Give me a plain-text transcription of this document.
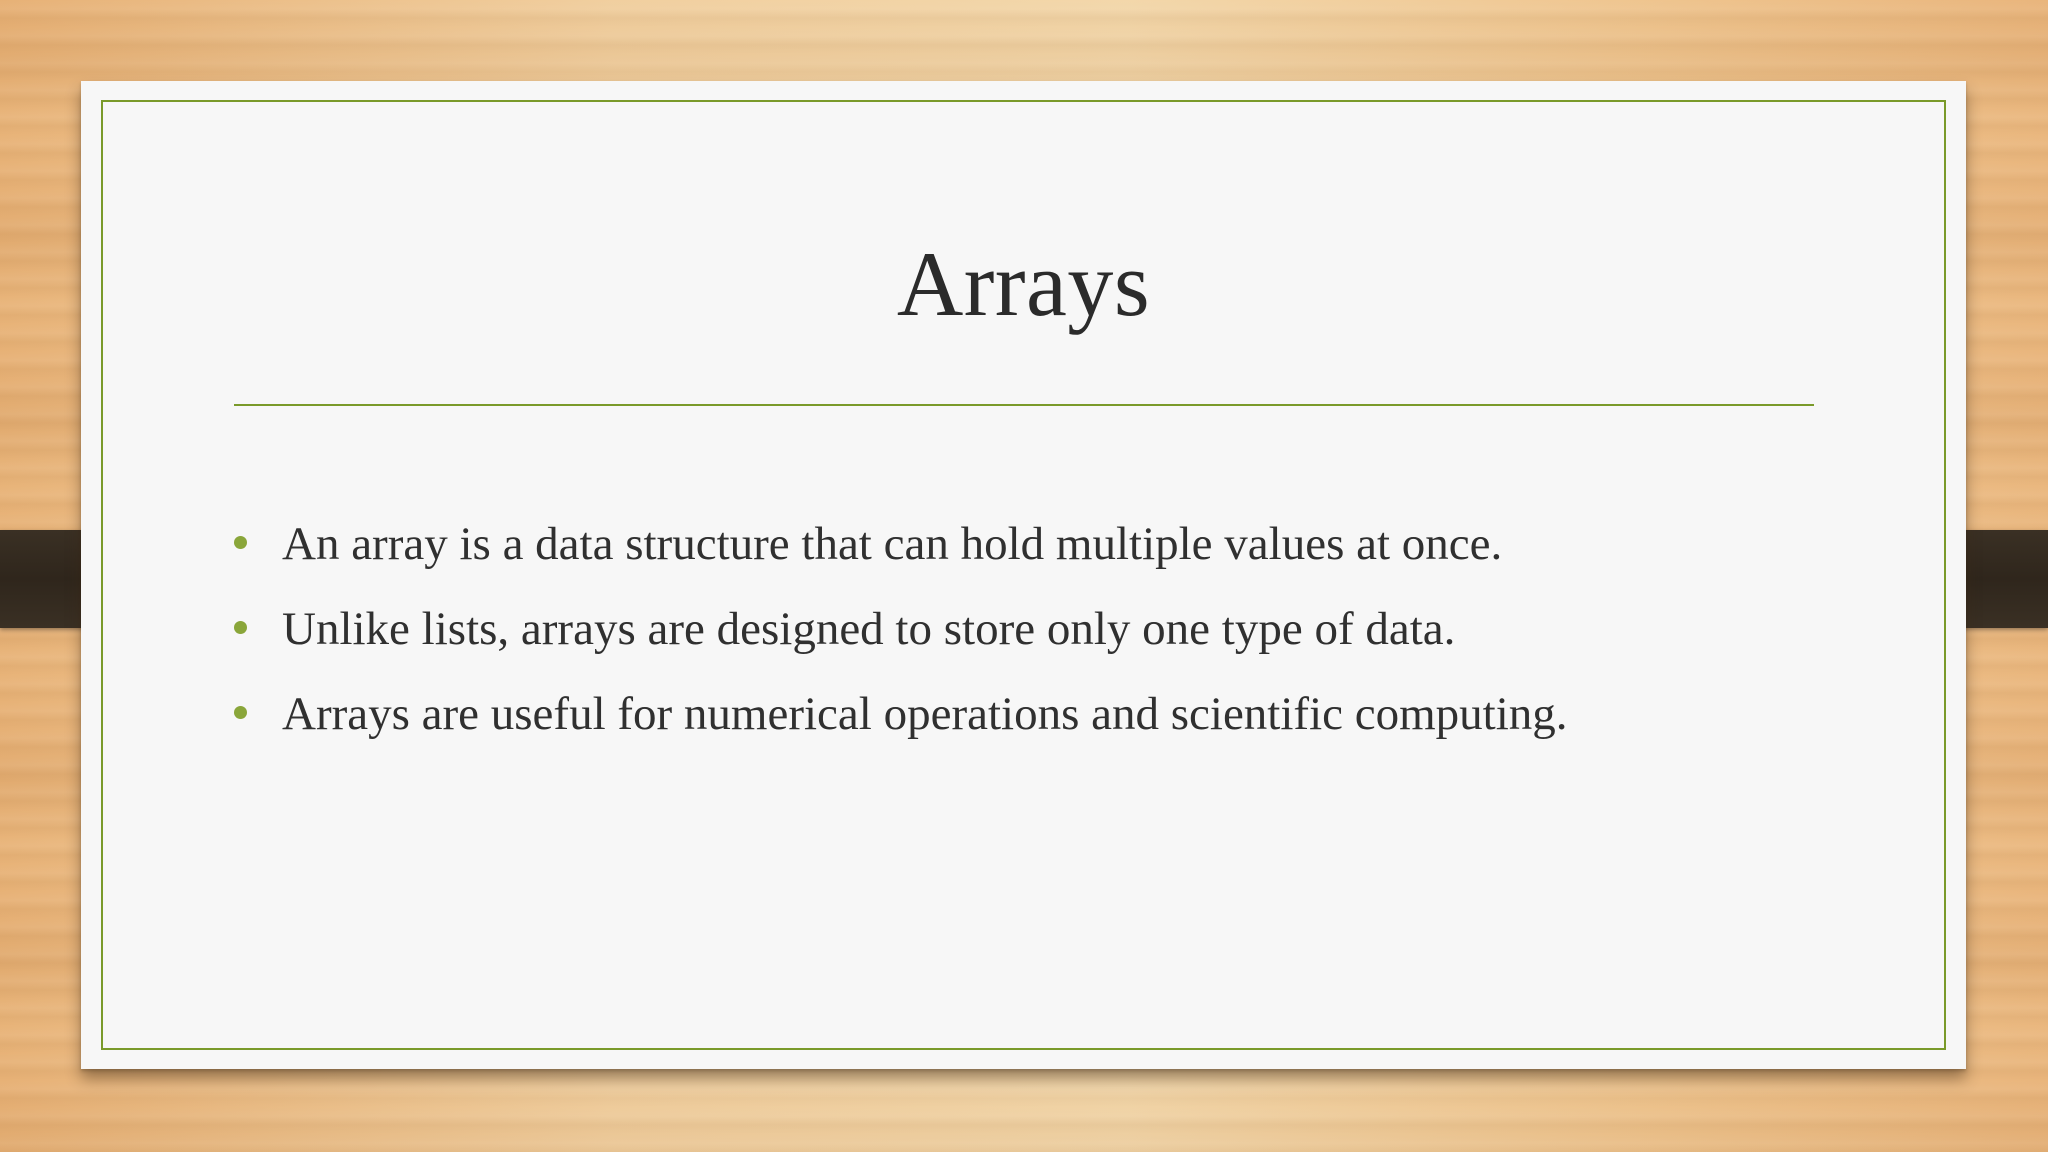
Arrays
An array is a data structure that can hold multiple values at once.
Unlike lists, arrays are designed to store only one type of data.
Arrays are useful for numerical operations and scientific computing.
